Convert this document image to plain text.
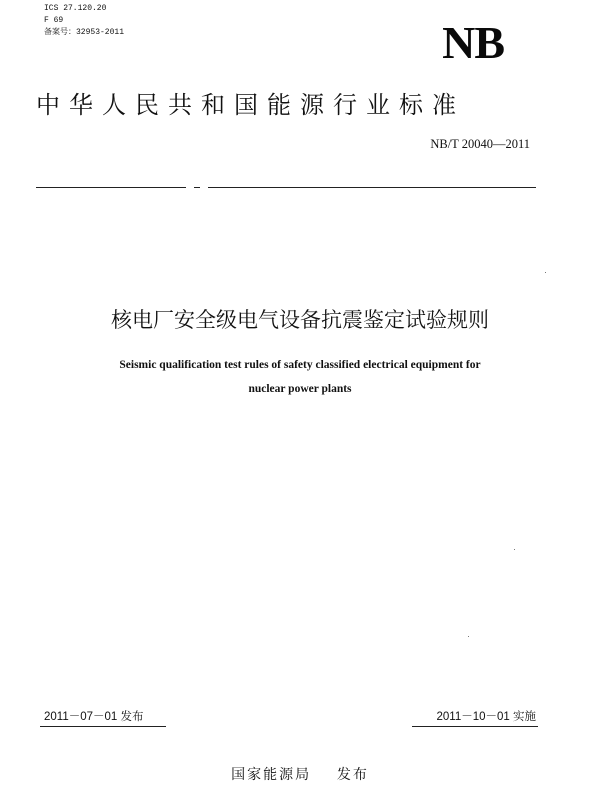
ICS 27.120.20
F 69
备案号：32953-2011	NB
中华人民共和国能源行业标准
NB/T 20040—2011
核电厂安全级电气设备抗震鉴定试验规则
Seismic qualification test rules of safety classified electrical equipment for
nuclear power plants
2011－07－01 发布	2011－10－01 实施
国家能源局    发布
